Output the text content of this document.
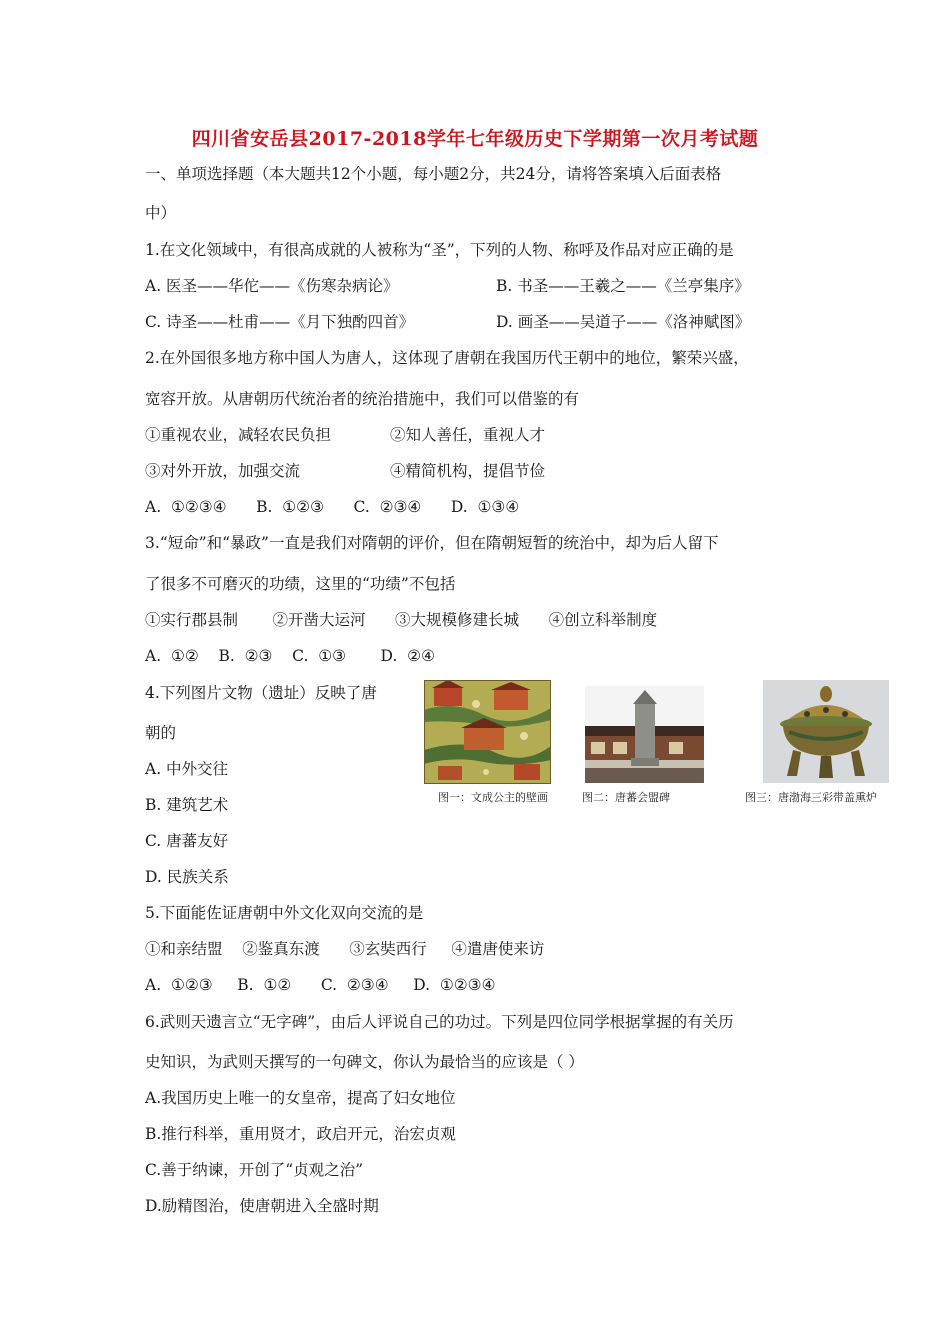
四川省安岳县2017-2018学年七年级历史下学期第一次月考试题
一、单项选择题（本大题共12个小题，每小题2分，共24分，请将答案填入后面表格
中）
1.在文化领域中，有很高成就的人被称为“圣”，下列的人物、称呼及作品对应正确的是
A. 医圣——华佗——《伤寒杂病论》	B. 书圣——王羲之——《兰亭集序》
C. 诗圣——杜甫——《月下独酌四首》	D. 画圣——吴道子——《洛神赋图》
2.在外国很多地方称中国人为唐人，这体现了唐朝在我国历代王朝中的地位，繁荣兴盛，
宽容开放。从唐朝历代统治者的统治措施中，我们可以借鉴的有
①重视农业，减轻农民负担	②知人善任，重视人才
③对外开放，加强交流	④精简机构，提倡节俭
A.  ①②③④      B.  ①②③      C.  ②③④      D.  ①③④
3.“短命”和“暴政”一直是我们对隋朝的评价，但在隋朝短暂的统治中，却为后人留下
了很多不可磨灭的功绩，这里的“功绩”不包括
①实行郡县制       ②开凿大运河      ③大规模修建长城      ④创立科举制度
A.  ①②    B.  ②③    C.  ①③       D.  ②④
4.下列图片文物（遗址）反映了唐
朝的
A. 中外交往
B. 建筑艺术
C. 唐蕃友好
D. 民族关系
图一：文成公主的壁画	图二：唐蕃会盟碑	图三：唐渤海三彩带盖熏炉
5.下面能佐证唐朝中外文化双向交流的是
①和亲结盟    ②鉴真东渡      ③玄奘西行     ④遣唐使来访
A.  ①②③     B.  ①②      C.  ②③④     D.  ①②③④
6.武则天遗言立“无字碑”，由后人评说自己的功过。下列是四位同学根据掌握的有关历
史知识，为武则天撰写的一句碑文，你认为最恰当的应该是（ ）
A.我国历史上唯一的女皇帝，提高了妇女地位
B.推行科举，重用贤才，政启开元，治宏贞观
C.善于纳谏，开创了“贞观之治”
D.励精图治，使唐朝进入全盛时期
